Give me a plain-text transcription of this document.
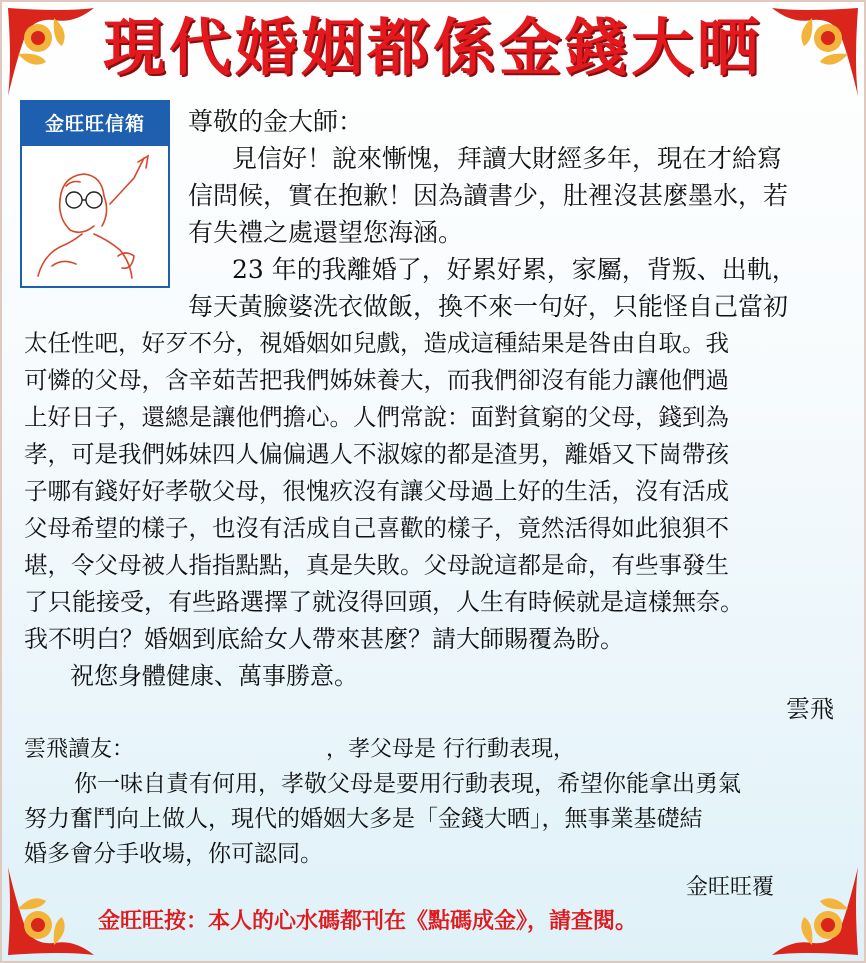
現代婚姻都係金錢大晒
金旺旺信箱	尊敬的金大師：
見信好！說來慚愧，拜讀大財經多年，現在才給寫
信問候，實在抱歉！因為讀書少，肚裡沒甚麼墨水，若
有失禮之處還望您海涵。
23 年的我離婚了，好累好累，家屬，背叛、出軌，
每天黃臉婆洗衣做飯，換不來一句好，只能怪自己當初
太任性吧，好歹不分，視婚姻如兒戲，造成這種結果是咎由自取。我
可憐的父母，含辛茹苦把我們姊妹養大，而我們卻沒有能力讓他們過
上好日子，還總是讓他們擔心。人們常說：面對貧窮的父母，錢到為
孝，可是我們姊妹四人偏偏遇人不淑嫁的都是渣男，離婚又下崗帶孩
子哪有錢好好孝敬父母，很愧疚沒有讓父母過上好的生活，沒有活成
父母希望的樣子，也沒有活成自己喜歡的樣子，竟然活得如此狼狽不
堪，令父母被人指指點點，真是失敗。父母說這都是命，有些事發生
了只能接受，有些路選擇了就沒得回頭，人生有時候就是這樣無奈。
我不明白？婚姻到底給女人帶來甚麼？請大師賜覆為盼。
祝您身體健康、萬事勝意。
雲飛
雲飛讀友：	，孝父母是 行行動表現，
你一味自責有何用，孝敬父母是要用行動表現，希望你能拿出勇氣
努力奮鬥向上做人，現代的婚姻大多是「金錢大晒」，無事業基礎結
婚多會分手收場，你可認同。
金旺旺覆
金旺旺按：本人的心水碼都刊在《點碼成金》，請查閱。
